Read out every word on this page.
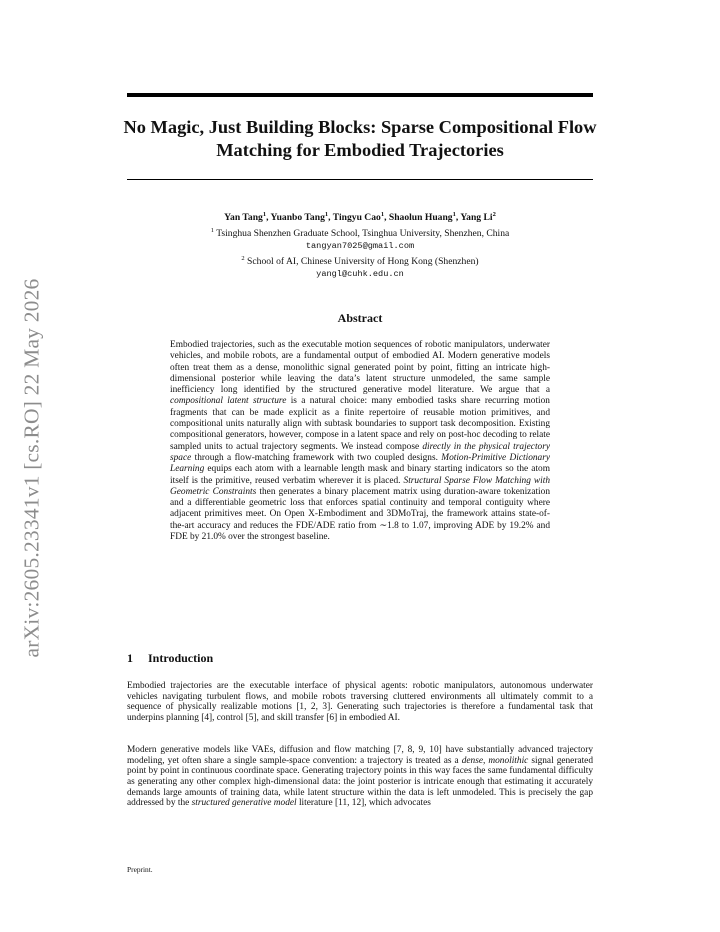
arXiv:2605.23341v1 [cs.RO] 22 May 2026
No Magic, Just Building Blocks: Sparse Compositional Flow Matching for Embodied Trajectories
Yan Tang$^1$, Yuanbo Tang$^1$, Tingyu Cao$^1$, Shaolun Huang$^1$, Yang Li$^2$
$^1$ Tsinghua Shenzhen Graduate School, Tsinghua University, Shenzhen, China
tangyan7025@gmail.com
$^2$ School of AI, Chinese University of Hong Kong (Shenzhen)
yangl@cuhk.edu.cn
Abstract

Embodied trajectories, such as the executable motion sequences of robotic manipulators, underwater vehicles, and mobile robots, are a fundamental output of embodied AI. Modern generative models often treat them as a dense, monolithic signal generated point by point, fitting an intricate high-dimensional posterior while leaving the data’s latent structure unmodeled, the same sample inefficiency long identified by the structured generative model literature. We argue that a compositional latent structure is a natural choice: many embodied tasks share recurring motion fragments that can be made explicit as a finite repertoire of reusable motion primitives, and compositional units naturally align with subtask boundaries to support task decomposition. Existing compositional generators, however, compose in a latent space and rely on post-hoc decoding to relate sampled units to actual trajectory segments. We instead compose directly in the physical trajectory space through a flow-matching framework with two coupled designs. Motion-Primitive Dictionary Learning equips each atom with a learnable length mask and binary starting indicators so the atom itself is the primitive, reused verbatim wherever it is placed. Structural Sparse Flow Matching with Geometric Constraints then generates a binary placement matrix using duration-aware tokenization and a differentiable geometric loss that enforces spatial continuity and temporal contiguity where adjacent primitives meet. On Open X-Embodiment and 3DMoTraj, the framework attains state-of-the-art accuracy and reduces the FDE/ADE ratio from ∼1.8 to 1.07, improving ADE by 19.2% and FDE by 21.0% over the strongest baseline.

1 Introduction

Embodied trajectories are the executable interface of physical agents: robotic manipulators, autonomous underwater vehicles navigating turbulent flows, and mobile robots traversing cluttered environments all ultimately commit to a sequence of physically realizable motions [1, 2, 3]. Generating such trajectories is therefore a fundamental task that underpins planning [4], control [5], and skill transfer [6] in embodied AI.

Modern generative models like VAEs, diffusion and flow matching [7, 8, 9, 10] have substantially advanced trajectory modeling, yet often share a single sample-space convention: a trajectory is treated as a dense, monolithic signal generated point by point in continuous coordinate space. Generating trajectory points in this way faces the same fundamental difficulty as generating any other complex high-dimensional data: the joint posterior is intricate enough that estimating it accurately demands large amounts of training data, while latent structure within the data is left unmodeled. This is precisely the gap addressed by the structured generative model literature [11, 12], which advocates

Preprint.
